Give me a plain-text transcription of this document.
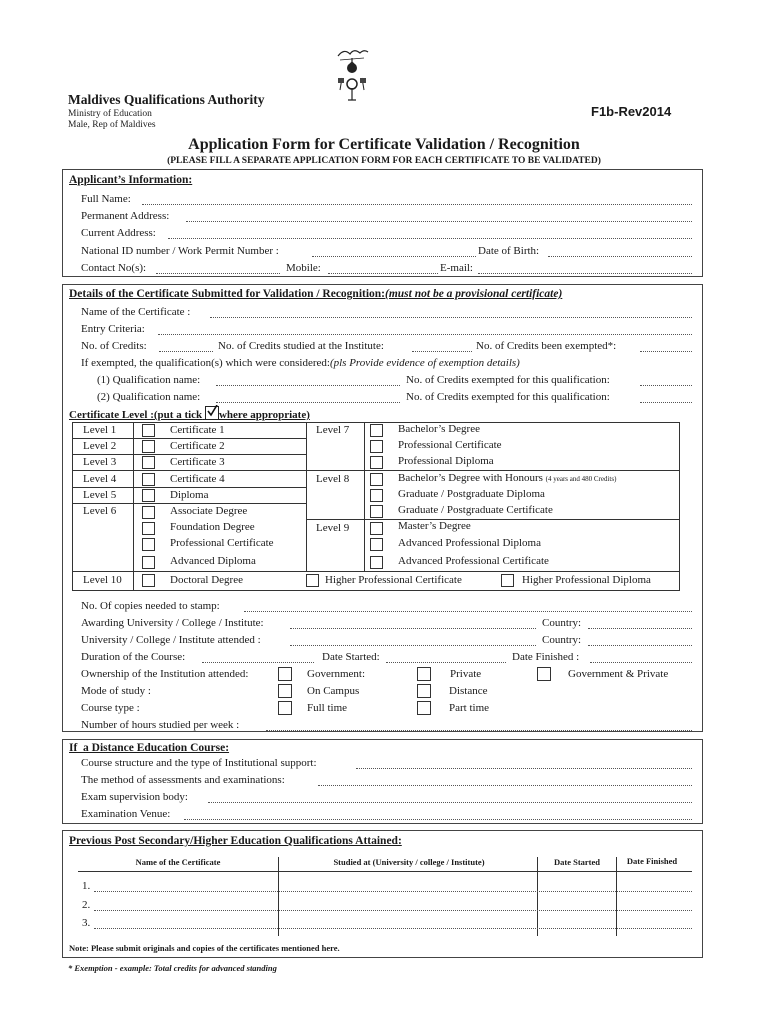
Maldives Qualifications Authority
Ministry of Education
Male, Rep of Maldives
F1b-Rev2014
Application Form for Certificate Validation / Recognition
(PLEASE FILL A SEPARATE APPLICATION FORM FOR EACH CERTIFICATE TO BE VALIDATED)
Applicant’s Information:
Full Name:
Permanent Address:
Current Address:
National ID number / Work Permit Number :	Date of Birth:
Contact No(s):	Mobile:	E-mail:
Details of the Certificate Submitted for Validation / Recognition:(must not be a provisional certificate)
Name of the Certificate :
Entry Criteria:
No. of Credits:	No. of Credits studied at the Institute:	No. of Credits been exempted*:
If exempted, the qualification(s) which were considered:(pls Provide evidence of exemption details)
(1) Qualification name:	No. of Credits exempted for this qualification:
(2) Qualification name:	No. of Credits exempted for this qualification:
Certificate Level :(put a tick where appropriate)
Level 1	Certificate 1
Level 2	Certificate 2
Level 3	Certificate 3
Level 4	Certificate 4
Level 5	Diploma
Level 6	Associate Degree
Foundation Degree
Professional Certificate
Advanced Diploma
Level 7	Bachelor’s Degree
Professional Certificate
Professional Diploma
Level 8	Bachelor’s Degree with Honours (4 years and 480 Credits)
Graduate / Postgraduate Diploma
Graduate / Postgraduate Certificate
Level 9	Master’s Degree
Advanced Professional Diploma
Advanced Professional Certificate
Level 10	Doctoral Degree	Higher Professional Certificate	Higher Professional Diploma
No. Of copies needed to stamp:
Awarding University / College / Institute:	Country:
University / College / Institute attended :	Country:
Duration of the Course:	Date Started:	Date Finished :
Ownership of the Institution attended:	Government:	Private	Government & Private
Mode of study :	On Campus	Distance
Course type :	Full time	Part time
Number of hours studied per week :
If  a Distance Education Course:
Course structure and the type of Institutional support:
The method of assessments and examinations:
Exam supervision body:
Examination Venue:
Previous Post Secondary/Higher Education Qualifications Attained:
Name of the Certificate	Studied at (University / college / Institute)	Date Started	Date Finished
1.
2.
3.
Note: Please submit originals and copies of the certificates mentioned here.
* Exemption - example: Total credits for advanced standing
